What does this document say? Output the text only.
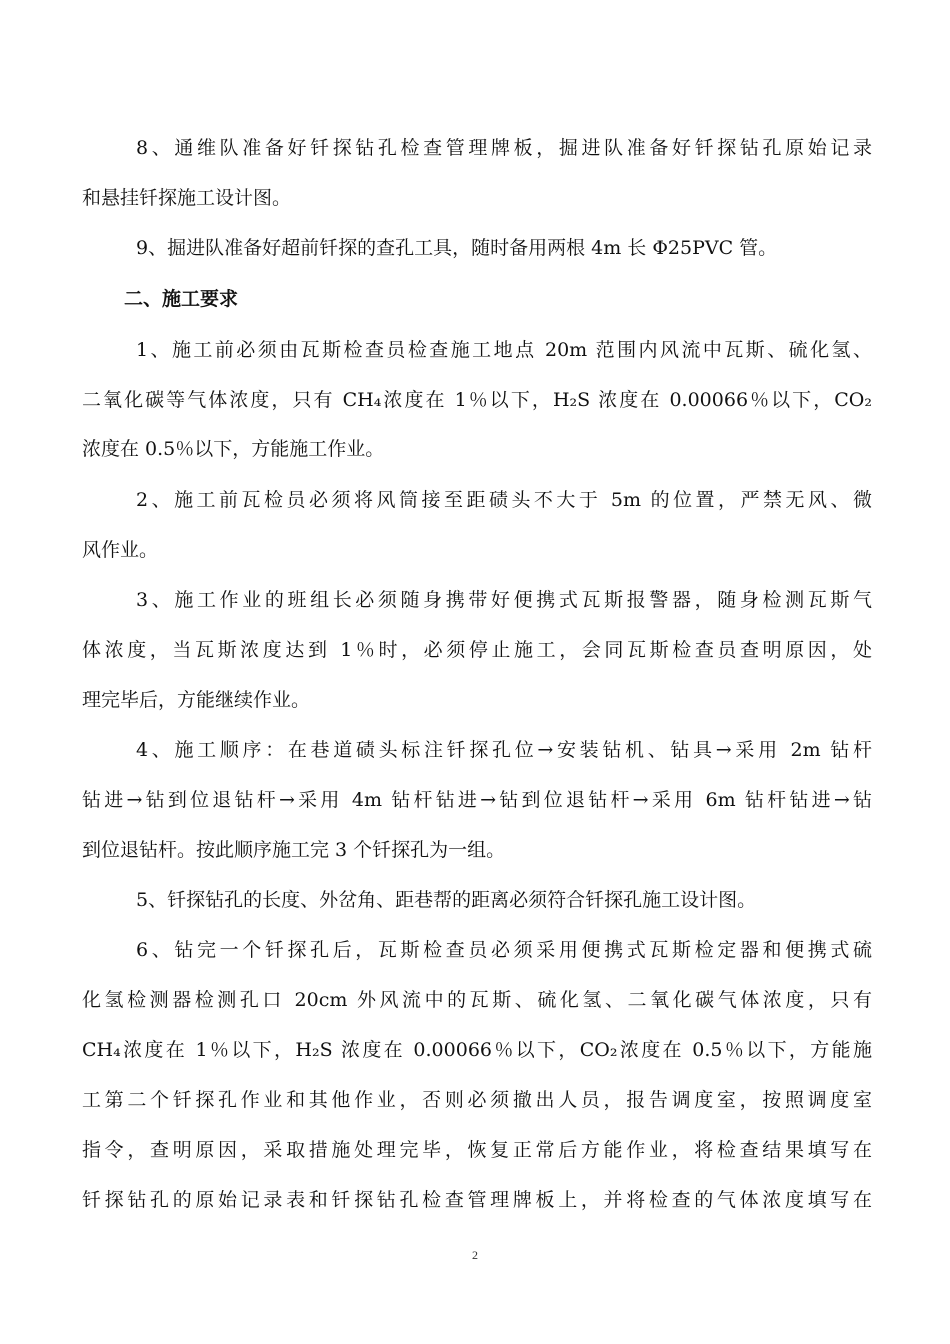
8、通维队准备好钎探钻孔检查管理牌板，掘进队准备好钎探钻孔原始记录
和悬挂钎探施工设计图。
9、掘进队准备好超前钎探的查孔工具，随时备用两根 4m 长 Φ25PVC 管。
二、施工要求
1、施工前必须由瓦斯检查员检查施工地点 20m 范围内风流中瓦斯、硫化氢、
二氧化碳等气体浓度，只有 CH₄浓度在 1％以下，H₂S 浓度在 0.00066％以下，CO₂
浓度在 0.5％以下，方能施工作业。
2、施工前瓦检员必须将风筒接至距碛头不大于 5m 的位置，严禁无风、微
风作业。
3、施工作业的班组长必须随身携带好便携式瓦斯报警器，随身检测瓦斯气
体浓度，当瓦斯浓度达到 1％时，必须停止施工，会同瓦斯检查员查明原因，处
理完毕后，方能继续作业。
4、施工顺序：在巷道碛头标注钎探孔位→安装钻机、钻具→采用 2m 钻杆
钻进→钻到位退钻杆→采用 4m 钻杆钻进→钻到位退钻杆→采用 6m 钻杆钻进→钻
到位退钻杆。按此顺序施工完 3 个钎探孔为一组。
5、钎探钻孔的长度、外岔角、距巷帮的距离必须符合钎探孔施工设计图。
6、钻完一个钎探孔后，瓦斯检查员必须采用便携式瓦斯检定器和便携式硫
化氢检测器检测孔口 20cm 外风流中的瓦斯、硫化氢、二氧化碳气体浓度，只有
CH₄浓度在 1％以下，H₂S 浓度在 0.00066％以下，CO₂浓度在 0.5％以下，方能施
工第二个钎探孔作业和其他作业，否则必须撤出人员，报告调度室，按照调度室
指令，查明原因，采取措施处理完毕，恢复正常后方能作业，将检查结果填写在
钎探钻孔的原始记录表和钎探钻孔检查管理牌板上，并将检查的气体浓度填写在
2
